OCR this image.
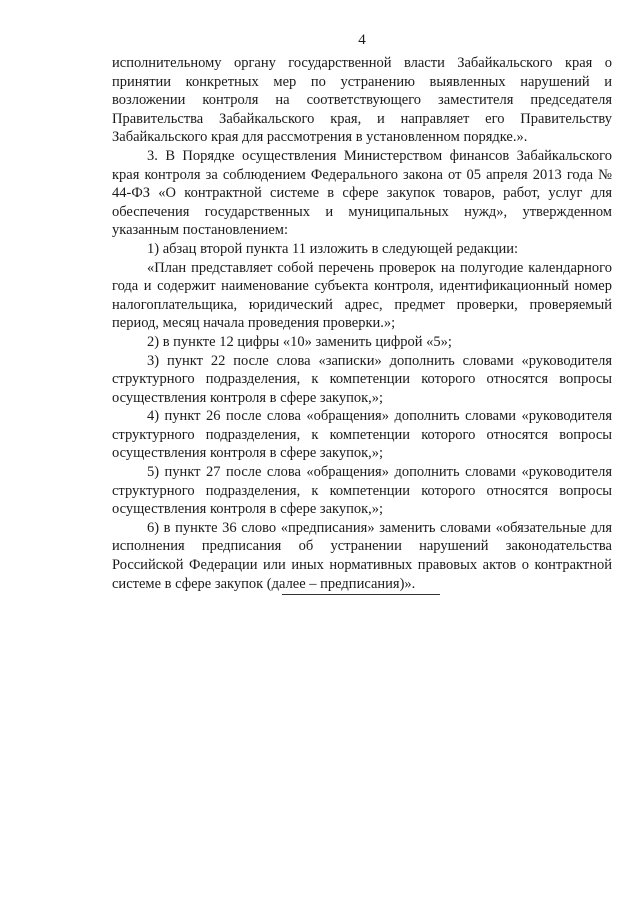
4

исполнительному органу государственной власти Забайкальского края о принятии конкретных мер по устранению выявленных нарушений и возложении контроля на соответствующего заместителя председателя Правительства Забайкальского края, и направляет его Правительству Забайкальского края для рассмотрения в установленном порядке.».

3. В Порядке осуществления Министерством финансов Забайкальского края контроля за соблюдением Федерального закона от 05 апреля 2013 года № 44-ФЗ «О контрактной системе в сфере закупок товаров, работ, услуг для обеспечения государственных и муниципальных нужд», утвержденном указанным постановлением:

1) абзац второй пункта 11 изложить в следующей редакции:

«План представляет собой перечень проверок на полугодие календарного года и содержит наименование субъекта контроля, идентификационный номер налогоплательщика, юридический адрес, предмет проверки, проверяемый период, месяц начала проведения проверки.»;

2) в пункте 12 цифры «10» заменить цифрой «5»;

3) пункт 22 после слова «записки» дополнить словами «руководителя структурного подразделения, к компетенции которого относятся вопросы осуществления контроля в сфере закупок,»;

4) пункт 26 после слова «обращения» дополнить словами «руководителя структурного подразделения, к компетенции которого относятся вопросы осуществления контроля в сфере закупок,»;

5) пункт 27 после слова «обращения» дополнить словами «руководителя структурного подразделения, к компетенции которого относятся вопросы осуществления контроля в сфере закупок,»;

6) в пункте 36 слово «предписания» заменить словами «обязательные для исполнения предписания об устранении нарушений законодательства Российской Федерации или иных нормативных правовых актов о контрактной системе в сфере закупок (далее – предписания)».
